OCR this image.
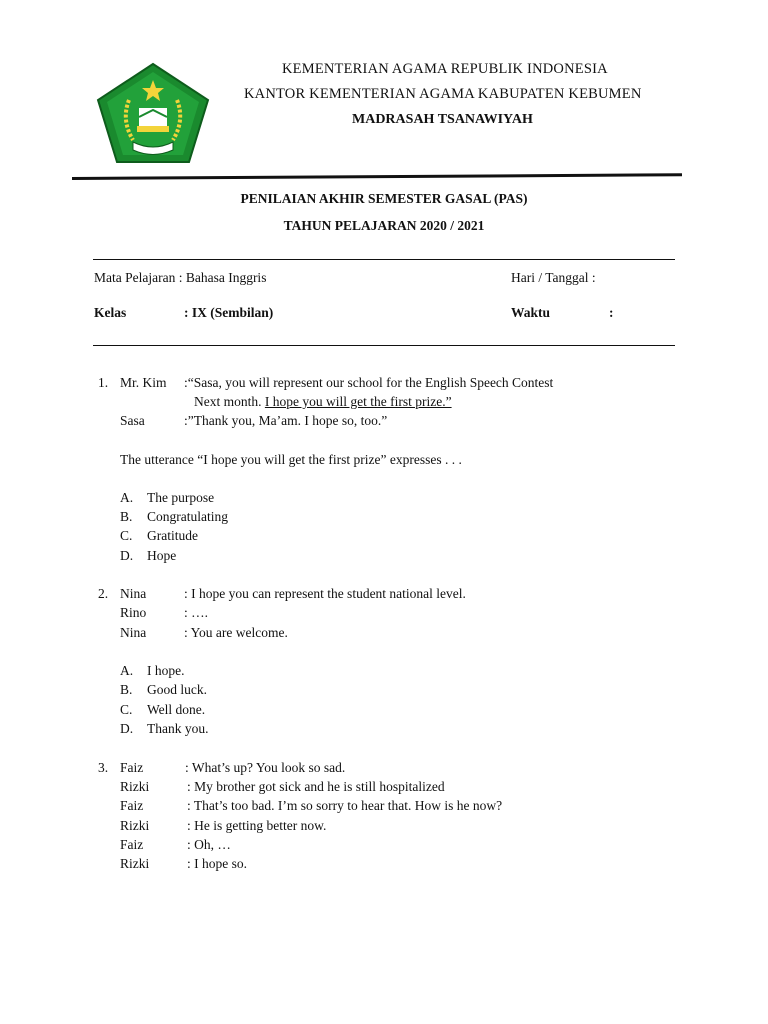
KEMENTERIAN AGAMA REPUBLIK INDONESIA
KANTOR KEMENTERIAN AGAMA KABUPATEN KEBUMEN
MADRASAH TSANAWIYAH
PENILAIAN AKHIR SEMESTER GASAL (PAS)
TAHUN PELAJARAN 2020 / 2021
Mata Pelajaran : Bahasa Inggris	Hari / Tanggal :
Kelas	: IX (Sembilan)	Waktu	:
1. Mr. Kim :“Sasa, you will represent our school for the English Speech Contest
Next month. I hope you will get the first prize.”
Sasa	:”Thank you, Ma’am. I hope so, too.”
The utterance “I hope you will get the first prize” expresses . . .
A. The purpose
B. Congratulating
C. Gratitude
D. Hope
2. Nina	: I hope you can represent the student national level.
Rino	: ….
Nina	: You are welcome.
A. I hope.
B. Good luck.
C. Well done.
D. Thank you.
3. Faiz	: What’s up? You look so sad.
Rizki	: My brother got sick and he is still hospitalized
Faiz	: That’s too bad. I’m so sorry to hear that. How is he now?
Rizki	: He is getting better now.
Faiz	: Oh, …
Rizki	: I hope so.
